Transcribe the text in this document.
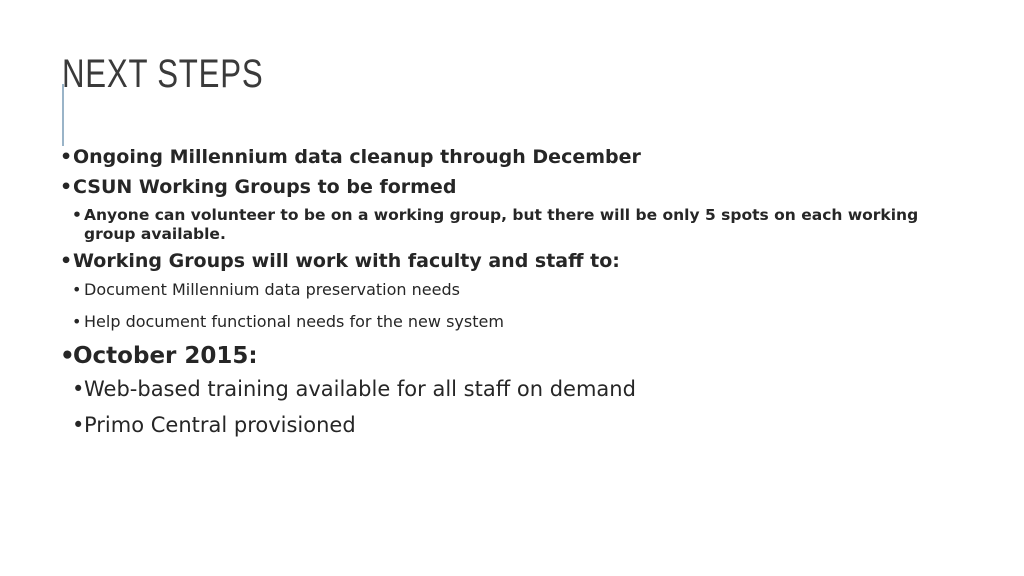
NEXT STEPS
• Ongoing Millennium data cleanup through December
• CSUN Working Groups to be formed
• Anyone can volunteer to be on a working group, but there will be only 5 spots on each working group available.
• Working Groups will work with faculty and staff to:
• Document Millennium data preservation needs
• Help document functional needs for the new system
• October 2015:
• Web-based training available for all staff on demand
• Primo Central provisioned
